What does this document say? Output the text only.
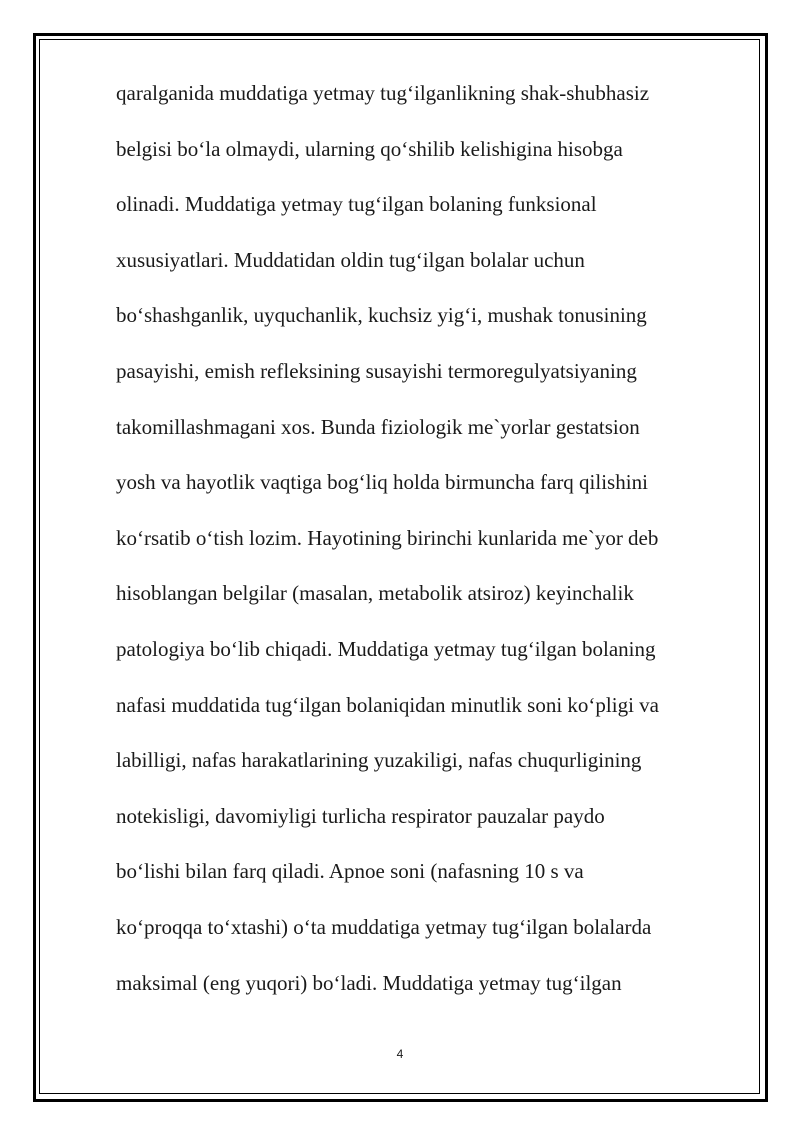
qaralganida muddatiga yetmay tug‘ilganlikning shak-shubhasiz
belgisi bo‘la olmaydi, ularning qo‘shilib kelishigina hisobga
olinadi. Muddatiga yetmay tug‘ilgan bolaning funksional
xususiyatlari. Muddatidan oldin tug‘ilgan bolalar uchun
bo‘shashganlik, uyquchanlik, kuchsiz yig‘i, mushak tonusining
pasayishi, emish refleksining susayishi termoregulyatsiyaning
takomillashmagani xos. Bunda fiziologik me`yorlar gestatsion
yosh va hayotlik vaqtiga bog‘liq holda birmuncha farq qilishini
ko‘rsatib o‘tish lozim. Hayotining birinchi kunlarida me`yor deb
hisoblangan belgilar (masalan, metabolik atsiroz) keyinchalik
patologiya bo‘lib chiqadi. Muddatiga yetmay tug‘ilgan bolaning
nafasi muddatida tug‘ilgan bolaniqidan minutlik soni ko‘pligi va
labilligi, nafas harakatlarining yuzakiligi, nafas chuqurligining
notekisligi, davomiyligi turlicha respirator pauzalar paydo
bo‘lishi bilan farq qiladi. Apnoe soni (nafasning 10 s va
ko‘proqqa to‘xtashi) o‘ta muddatiga yetmay tug‘ilgan bolalarda
maksimal (eng yuqori) bo‘ladi. Muddatiga yetmay tug‘ilgan
4
